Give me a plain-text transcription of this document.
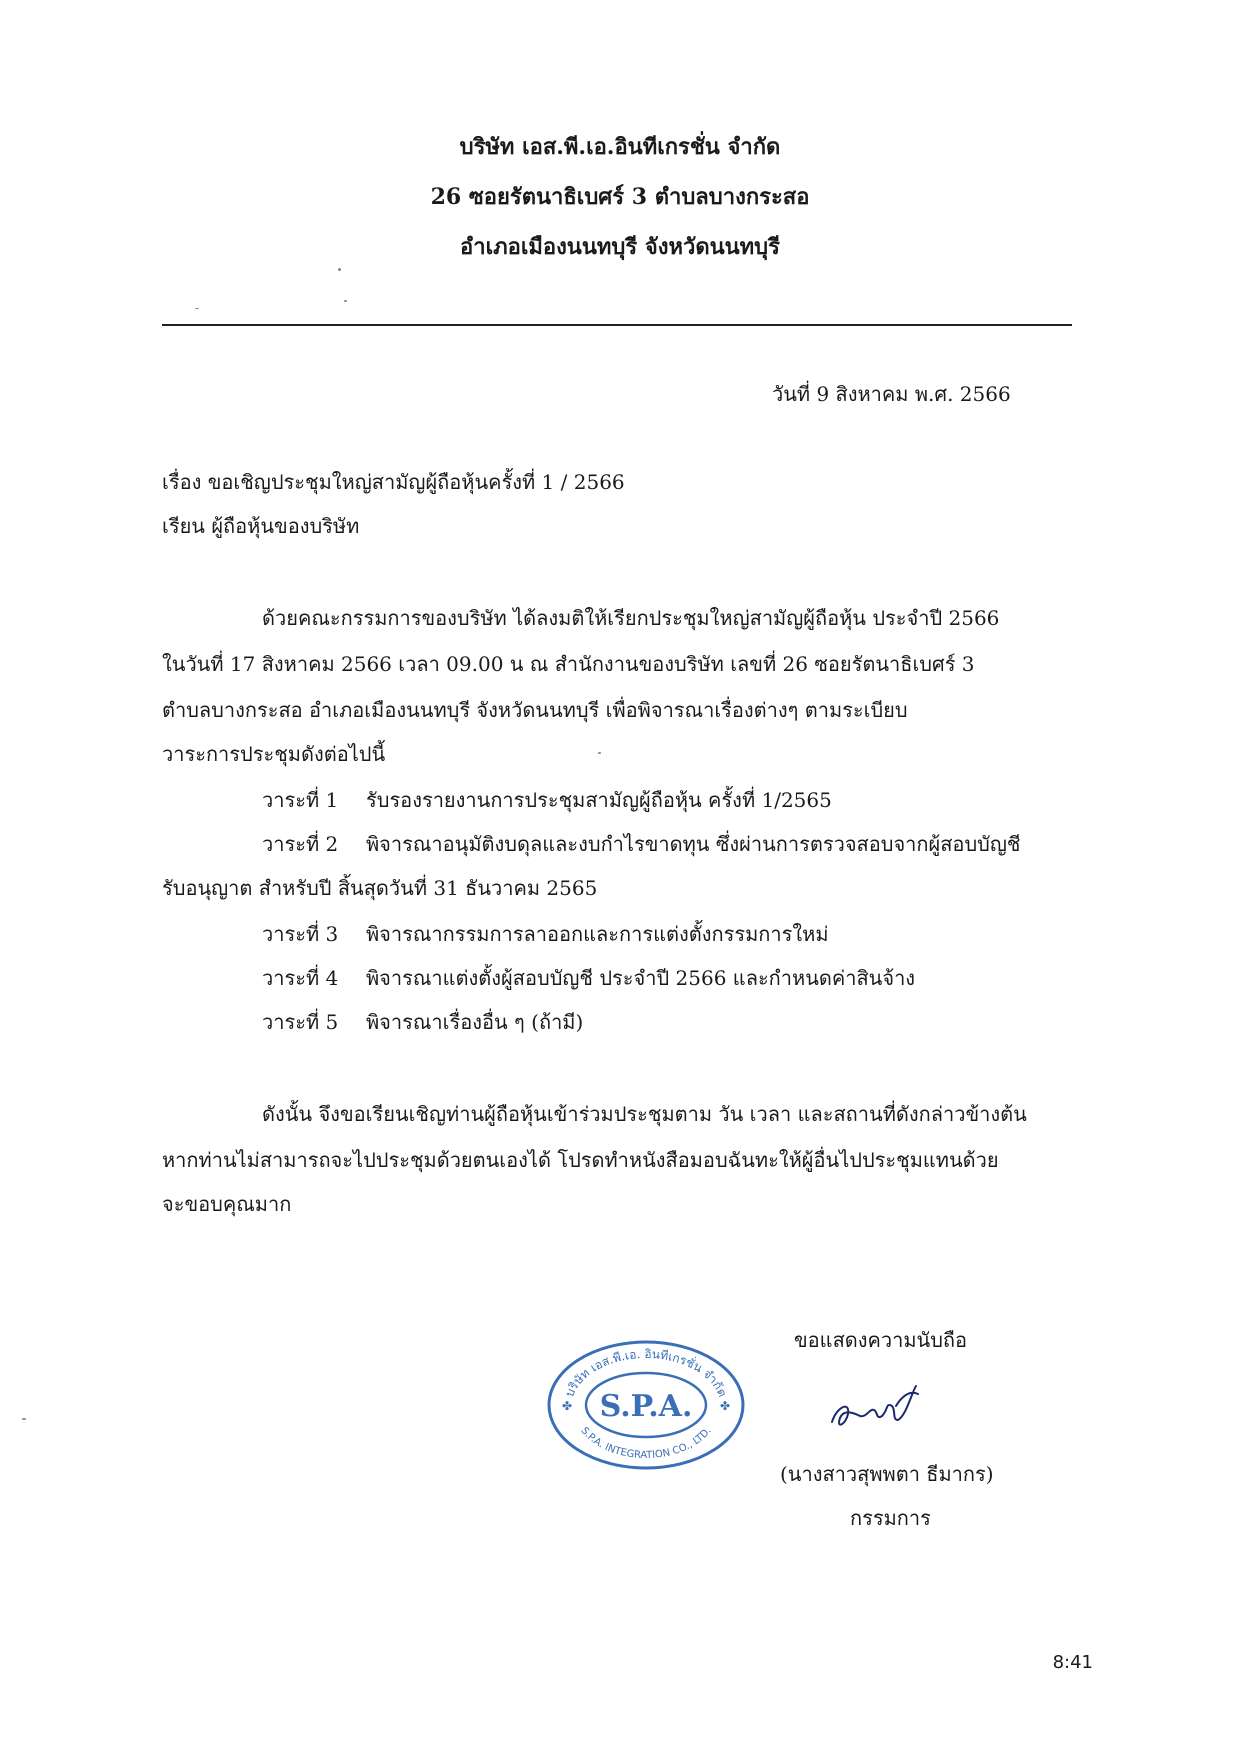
บริษัท เอส.พี.เอ.อินทีเกรชั่น จำกัด
26 ซอยรัตนาธิเบศร์ 3 ตำบลบางกระสอ
อำเภอเมืองนนทบุรี จังหวัดนนทบุรี
วันที่ 9 สิงหาคม พ.ศ. 2566
เรื่อง ขอเชิญประชุมใหญ่สามัญผู้ถือหุ้นครั้งที่ 1 / 2566
เรียน ผู้ถือหุ้นของบริษัท
ด้วยคณะกรรมการของบริษัท ได้ลงมติให้เรียกประชุมใหญ่สามัญผู้ถือหุ้น ประจำปี 2566
ในวันที่ 17 สิงหาคม 2566 เวลา 09.00 น ณ สำนักงานของบริษัท เลขที่ 26 ซอยรัตนาธิเบศร์ 3
ตำบลบางกระสอ อำเภอเมืองนนทบุรี จังหวัดนนทบุรี เพื่อพิจารณาเรื่องต่างๆ ตามระเบียบ
วาระการประชุมดังต่อไปนี้
วาระที่ 1 รับรองรายงานการประชุมสามัญผู้ถือหุ้น ครั้งที่ 1/2565
วาระที่ 2 พิจารณาอนุมัติงบดุลและงบกำไรขาดทุน ซึ่งผ่านการตรวจสอบจากผู้สอบบัญชี
รับอนุญาต สำหรับปี สิ้นสุดวันที่ 31 ธันวาคม 2565
วาระที่ 3 พิจารณากรรมการลาออกและการแต่งตั้งกรรมการใหม่
วาระที่ 4 พิจารณาแต่งตั้งผู้สอบบัญชี ประจำปี 2566 และกำหนดค่าสินจ้าง
วาระที่ 5 พิจารณาเรื่องอื่น ๆ (ถ้ามี)
ดังนั้น จึงขอเรียนเชิญท่านผู้ถือหุ้นเข้าร่วมประชุมตาม วัน เวลา และสถานที่ดังกล่าวข้างต้น
หากท่านไม่สามารถจะไปประชุมด้วยตนเองได้ โปรดทำหนังสือมอบฉันทะให้ผู้อื่นไปประชุมแทนด้วย
จะขอบคุณมาก
ขอแสดงความนับถือ
(นางสาวสุพพตา ธีมากร)
กรรมการ
บริษัท เอส.พี.เอ. อินทีเกรชั่น จำกัด
S.P.A. INTEGRATION CO., LTD.
S.P.A.
✤	✤
8:41
